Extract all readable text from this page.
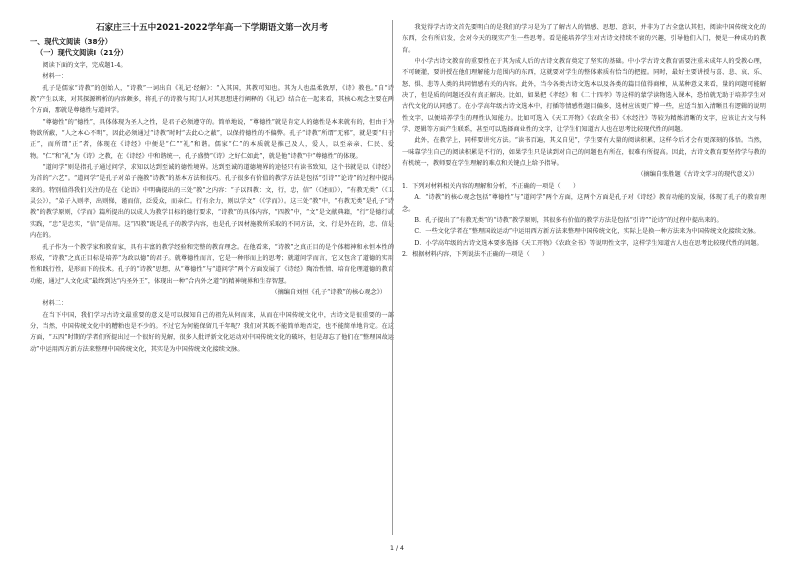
石家庄三十五中2021-2022学年高一下学期语文第一次月考
一、现代文阅读（38分）
（一）现代文阅读Ⅰ（21分）

阅读下面的文字，完成题1-4。

材料一：

孔子是儒家“诗教”的创始人，“诗教”一词出自《礼记·经解》：“入其国，其教可知也。其为人也温柔敦厚，《诗》教也。”自“诗教”产生以来，对其探源辨析的内容颇多，将孔子的诗教与其门人对其思想进行阐释的《礼记》结合在一起来看，其核心观念主要在两个方面，那就是尊德性与道问学。

“尊德性”的“德性”，具体体现为圣人之性，是君子必须遵守的。简单地说，“尊德性”就是肯定人的德性是本来就有的，但由于为物欲所蔽，“人之本心不明”，因此必须通过“诗教”时时“去此心之蔽”，以保持德性的不偏弊。孔子“诗教”所谓“无邪”，就是要“归于正”，而所谓“正”者，体现在《诗经》中便是“仁”“礼”和谐。儒家“仁”的本质就是推己及人，爱人，以至亲亲、仁民、爱物。“仁”和“礼”为《诗》之教，在《诗经》中和谐统一，孔子盛赞“《诗》之好仁如此”，就是他“诗教”中“尊德性”的体现。

“道问学”则是指孔子通过问学，求知以达到至诚的德性境界。达到至诚的道德境界的途径只有读书致知，这个书就是以《诗经》为首的“六艺”。“道问学”是孔子对弟子施教“诗教”的基本方法和技巧。孔子很多有价值的教学方法是包括“引诗”“论诗”的过程中提出来的。特别值得我们关注的是在《论语》中明确提出的三处“教”之内容：“子以四教：文，行，忠，信”（《述而》），“有教无类”（《卫灵公》），“弟子入则孝，出则悌，谨而信，泛爱众，而亲仁。行有余力，则以学文”（《学而》）。这三处“教”中，“有教无类”是孔子“诗教”的教学原则，《学而》篇所提出的以成人为教学目标的德行要求，“诗教”的具体内容，“四教”中，“文”是文献典籍，“行”是德行或实践，“忠”是忠实，“信”是信用。这“四教”既是孔子的教学内容，也是孔子因材施教所采取的不同方法，文、行是外在的，忠、信是内在的。

孔子作为一个教学家和教育家，具有丰富的教学经验和完整的教育理念。在他看来，“诗教”之真正目的是个体精神和永恒本性的形成，“诗教”之真正目标是培养“为政以德”的君子。就尊德性而言，它是一种形而上的思考；就道问学而言，它又包含了道德的实用性和践行性，是形而下的技术。孔子的“诗教”思想，从“尊德性”与“道问学”两个方面发展了《诗经》陶冶性情、培育伦理道德的教育功能，通过“人文化成”最终到达“内圣外王”，体现出一种“合内外之道”的精神境界和生存智慧。

（摘编自刘恒《孔子“诗教”的核心观念》）

材料二：

在当下中国，我们学习古诗文最重要的意义是可以探知自己的祖先从何而来，从而在中国传统文化中，古诗文是很重要的一部分，当然，中国传统文化中的糟粕也是不少的。不过它为何能保留几千年呢？我们对其既不能简单地否定，也不能简单地肯定。在这方面，“五四”时期的学者们所提出过一个很好的见解，很多人批评新文化运动对中国传统文化的破坏，但是却忘了他们在“整理国故运动”中运用西方新方法来整理中国传统文化，其实是为中国传统文化接续文脉。

我觉得学古诗文首先要明白的是我们的学习是为了了解古人的情感、思想、意识，并非为了古全盘认其但，阅读中国传统文化的东西，会有所启发，会对今天的现实产生一些思考。看是能培养学生对古诗文持续不衰的兴趣，引导他们入门，便是一种成功的教育。

中小学古诗文教育的重要性在于其为成人后的古诗文教育奠定了坚实的基础。中小学古诗文教育需要注重未成年人的受教心理，不可硬灌，要讲授在他们理解能力范围内的东西，这就要对学生的整体素质有恰当的把握。同时，最好主要讲授与喜、悲、哀、乐、怒、惧、悲等人类的共同情感有关的内容。此外，当今各类古诗文选本以及各类的篇目值得商榷，从某种意义来看，量的问题可能解决了，但是质的问题还没有真正解决。比如，如果把《孝经》和《二十四孝》等这样的蒙学读物选入课本，恐怕就无助于培养学生对古代文化的认同感了。在小学高年级古诗文选本中，打插等情感性题目偏多，选材应该更广博一些，应适当加入清晰且有逻辑的说明性文字，以便培养学生的理性认知能力。比如可选入《天工开物》《农政全书》《水经注》等较为精炼清晰的文字，应该让古文与科学、逻辑等方面产生联系，甚至可以选择商业性的文字，让学生们知道古人也在思考比较现代性的问题。

此外，在教学上，同样要讲究方法。“读书百遍，其义自见”，学生要有大量的阅读积累，这样今后才会有更深刻的体悟。当然，一味靠学生自己的阅读积累是不行的，如果学生只是读到对自己的问题也有所在，很难有所提高。因此，古诗文教育要坚持学与教的有机统一，教师要在学生理解的难点和关键点上给予指导。

（摘编自张胜题《古诗文学习的现代意义》）

1．下列对材料相关内容的理解和分析，不正确的一项是（　　）

A．“诗教”的核心观念包括“尊德性”与“道问学”两个方面，这两个方面是孔子对《诗经》教育功能的发展，体现了孔子的教育理念。

B．孔子提出了“有教无类”的“诗教”教学原则，其很多有价值的教学方法是包括“引诗”“论诗”的过程中提出来的。

C．一些文化学者在“整理国故运动”中运用西方新方法来整理中国传统文化，实际上是换一种方法来为中国传统文化接续文脉。

D．小学高年级的古诗文选本要多选择《天工开物》《农政全书》等说明性文字，这样学生知道古人也在思考比较现代性的问题。

2．根据材料内容，下列说法不正确的一项是（　　）

1 / 4
